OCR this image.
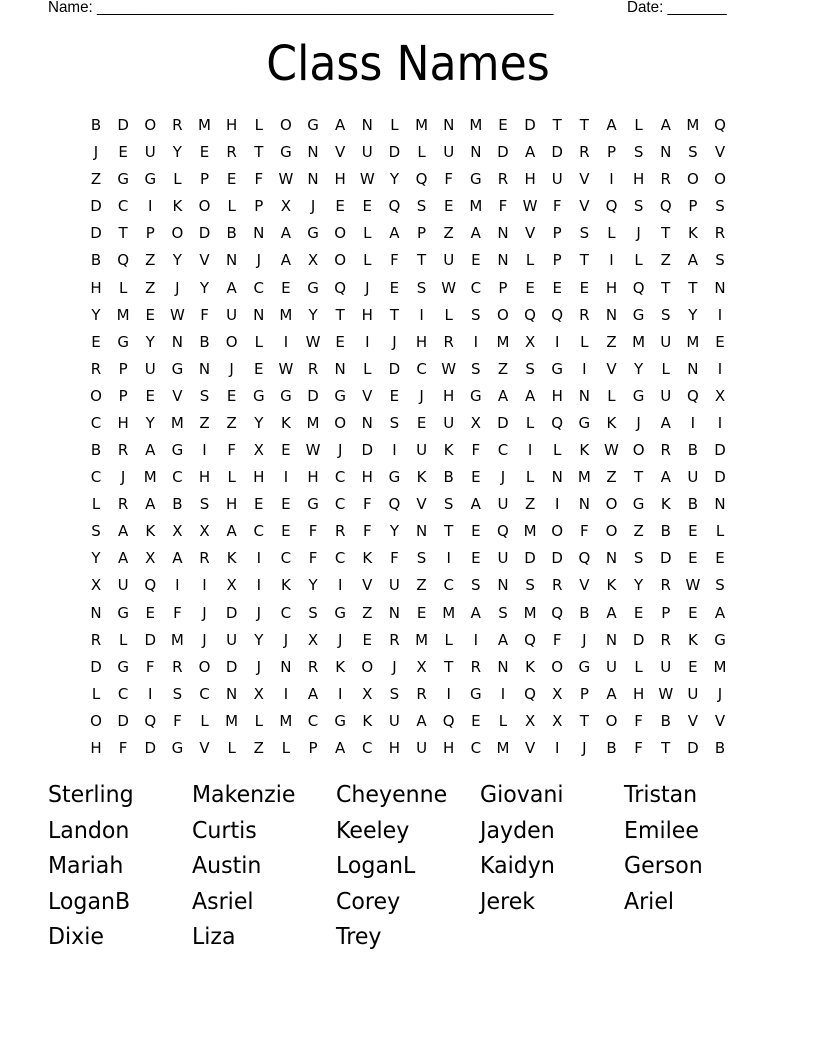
Name: ______________________________________________________	Date: _______
Class Names
B	D O	R	M H	L	O G	A	N	L	M N M	E	D	T	T	A	L	A	M Q
J	E	U	Y	E	R	T	G N	V	U	D	L	U	N D	A	D	R	P	S	N	S	V
Z	G G	L	P	E	F	W N H W	Y	Q	F	G	R	H	U	V	I	H	R	O O
D	C	I	K	O	L	P	X	J	E	E	Q	S	E	M	F	W	F	V	Q	S	Q	P	S
D	T	P	O D	B	N	A	G O	L	A	P	Z	A	N	V	P	S	L	J	T	K	R
B	Q	Z	Y	V	N	J	A	X	O	L	F	T	U	E	N	L	P	T	I	L	Z	A	S
H	L	Z	J	Y	A	C	E	G Q	J	E	S W C	P	E	E	E	H Q	T	T	N
Y	M	E W	F	U	N M	Y	T	H	T	I	L	S	O Q Q	R	N G	S	Y	I
E	G	Y	N	B	O	L	I	W E	I	J	H	R	I	M	X	I	L	Z	M	U	M	E
R	P	U	G N	J	E W R	N	L	D	C W S	Z	S	G	I	V	Y	L	N	I
O	P	E	V	S	E	G G D G	V	E	J	H G	A	A	H N	L	G	U	Q	X
C	H	Y	M	Z	Z	Y	K	M O N	S	E	U	X	D	L	Q G	K	J	A	I	I
B	R	A	G	I	F	X	E W	J	D	I	U	K	F	C	I	L	K W O	R	B	D
C	J	M	C	H	L	H	I	H	C	H G	K	B	E	J	L	N M	Z	T	A	U	D
L	R	A	B	S	H	E	E	G	C	F	Q	V	S	A	U	Z	I	N O G	K	B	N
S	A	K	X	X	A	C	E	F	R	F	Y	N	T	E	Q M O	F	O	Z	B	E	L
Y	A	X	A	R	K	I	C	F	C	K	F	S	I	E	U	D D Q N	S	D	E	E
X	U	Q	I	I	X	I	K	Y	I	V	U	Z	C	S	N	S	R	V	K	Y	R W S
N G	E	F	J	D	J	C	S	G	Z	N	E	M	A	S	M Q	B	A	E	P	E	A
R	L	D M	J	U	Y	J	X	J	E	R	M	L	I	A	Q	F	J	N D	R	K	G
D G	F	R	O D	J	N	R	K	O	J	X	T	R	N	K	O G	U	L	U	E	M
L	C	I	S	C	N	X	I	A	I	X	S	R	I	G	I	Q	X	P	A	H W U	J
O D Q	F	L	M	L	M	C	G	K	U	A	Q	E	L	X	X	T	O	F	B	V	V
H	F	D G	V	L	Z	L	P	A	C	H	U	H	C	M	V	I	J	B	F	T	D	B
Sterling
Landon
Mariah
LoganB
Dixie
Makenzie
Curtis
Austin
Asriel
Liza
Cheyenne
Keeley
LoganL
Corey
Trey
Giovani
Jayden
Kaidyn
Jerek
Tristan
Emilee
Gerson
Ariel
